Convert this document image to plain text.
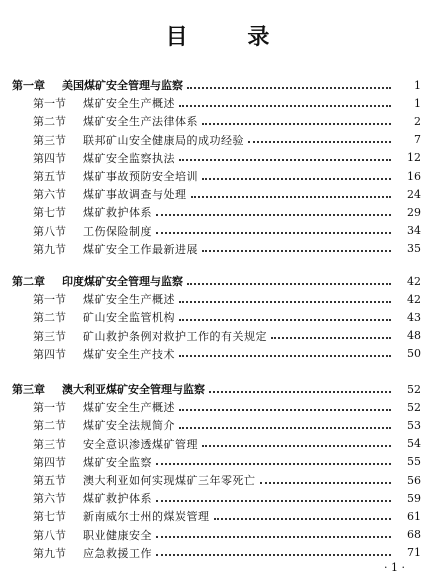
目 录
第一章	美国煤矿安全管理与监察	1
第一节	煤矿安全生产概述	1
第二节	煤矿安全生产法律体系	2
第三节	联邦矿山安全健康局的成功经验	7
第四节	煤矿安全监察执法	12
第五节	煤矿事故预防安全培训	16
第六节	煤矿事故调查与处理	24
第七节	煤矿救护体系	29
第八节	工伤保险制度	34
第九节	煤矿安全工作最新进展	35
第二章	印度煤矿安全管理与监察	42
第一节	煤矿安全生产概述	42
第二节	矿山安全监管机构	43
第三节	矿山救护条例对救护工作的有关规定	48
第四节	煤矿安全生产技术	50
第三章	澳大利亚煤矿安全管理与监察	52
第一节	煤矿安全生产概述	52
第二节	煤矿安全法规简介	53
第三节	安全意识渗透煤矿管理	54
第四节	煤矿安全监察	55
第五节	澳大利亚如何实现煤矿三年零死亡	56
第六节	煤矿救护体系	59
第七节	新南威尔士州的煤炭管理	61
第八节	职业健康安全	68
第九节	应急救援工作	71
· 1 ·
